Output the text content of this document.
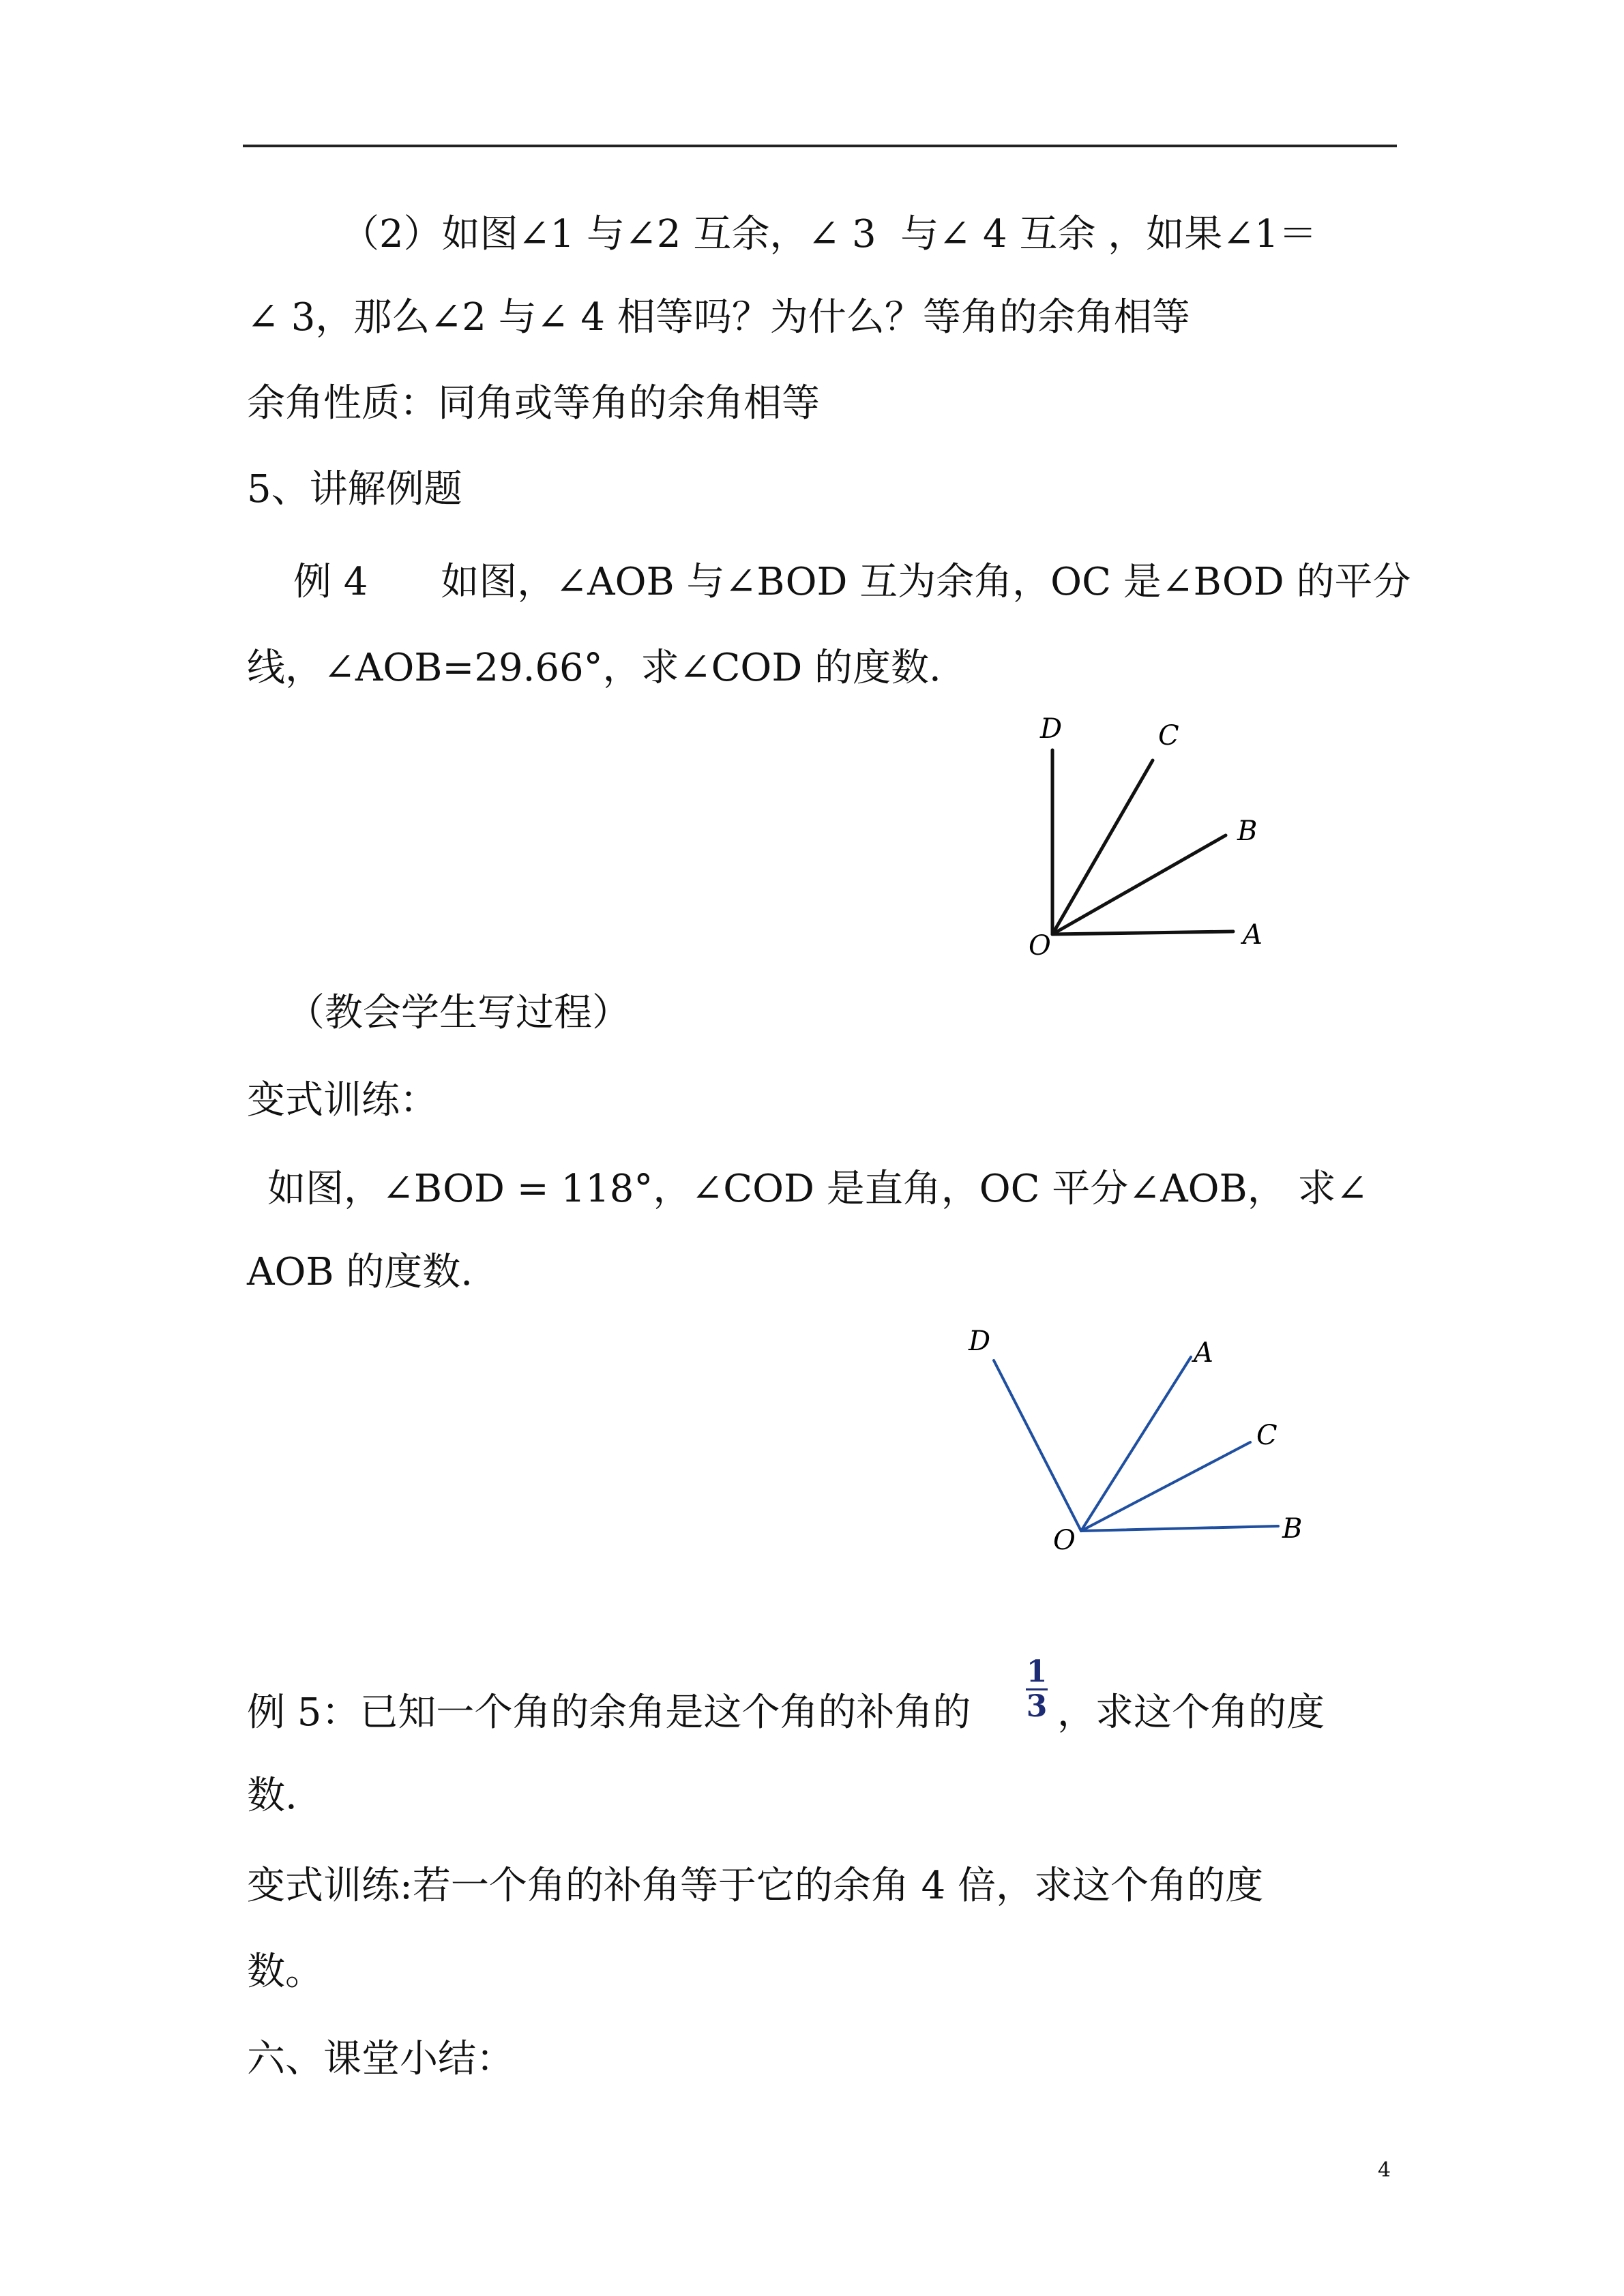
（2）如图∠1 与∠2 互余，∠ 3  与∠ 4 互余 ，如果∠1＝
∠ 3，那么∠2 与∠ 4 相等吗？为什么？等角的余角相等
余角性质：同角或等角的余角相等
5、讲解例题
例 4      如图，∠AOB 与∠BOD 互为余角，OC 是∠BOD 的平分
线，∠AOB=29.66°，求∠COD 的度数.
D	C
B
O	A
（教会学生写过程）
变式训练：
如图，∠BOD = 118°，∠COD 是直角，OC 平分∠AOB， 求∠
AOB 的度数.
D	A
C
O	B
例 5：已知一个角的余角是这个角的补角的
1
3 ，求这个角的度
数.
变式训练:若一个角的补角等于它的余角 4 倍，求这个角的度
数。
六、课堂小结：
4
